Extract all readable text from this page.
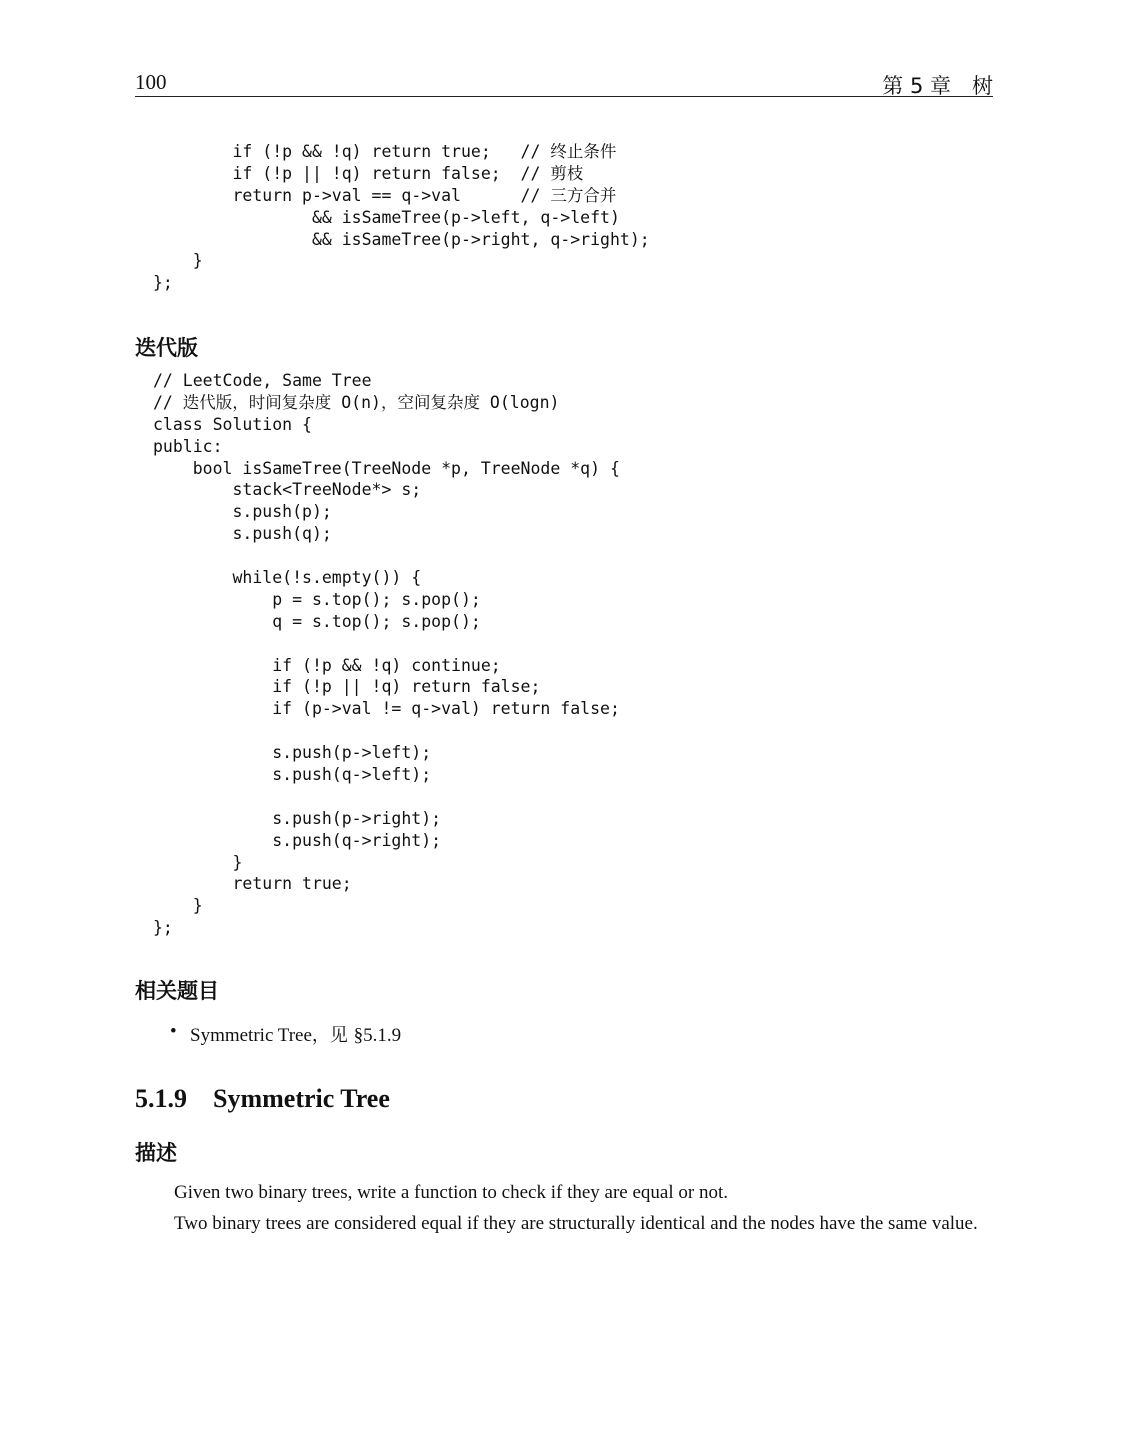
100	第 5 章　树
if (!p && !q) return true;   // 终止条件
if (!p || !q) return false;  // 剪枝
return p->val == q->val      // 三方合并
&& isSameTree(p->left, q->left)
&& isSameTree(p->right, q->right);
}
};
迭代版
// LeetCode, Same Tree
// 迭代版，时间复杂度 O(n)，空间复杂度 O(logn)
class Solution {
public:
bool isSameTree(TreeNode *p, TreeNode *q) {
stack<TreeNode*> s;
s.push(p);
s.push(q);
while(!s.empty()) {
p = s.top(); s.pop();
q = s.top(); s.pop();
if (!p && !q) continue;
if (!p || !q) return false;
if (p->val != q->val) return false;
s.push(p->left);
s.push(q->left);
s.push(p->right);
s.push(q->right);
}
return true;
}
};
相关题目
• Symmetric Tree，见 §5.1.9
5.1.9 Symmetric Tree
描述

Given two binary trees, write a function to check if they are equal or not.

Two binary trees are considered equal if they are structurally identical and the nodes have the same value.
